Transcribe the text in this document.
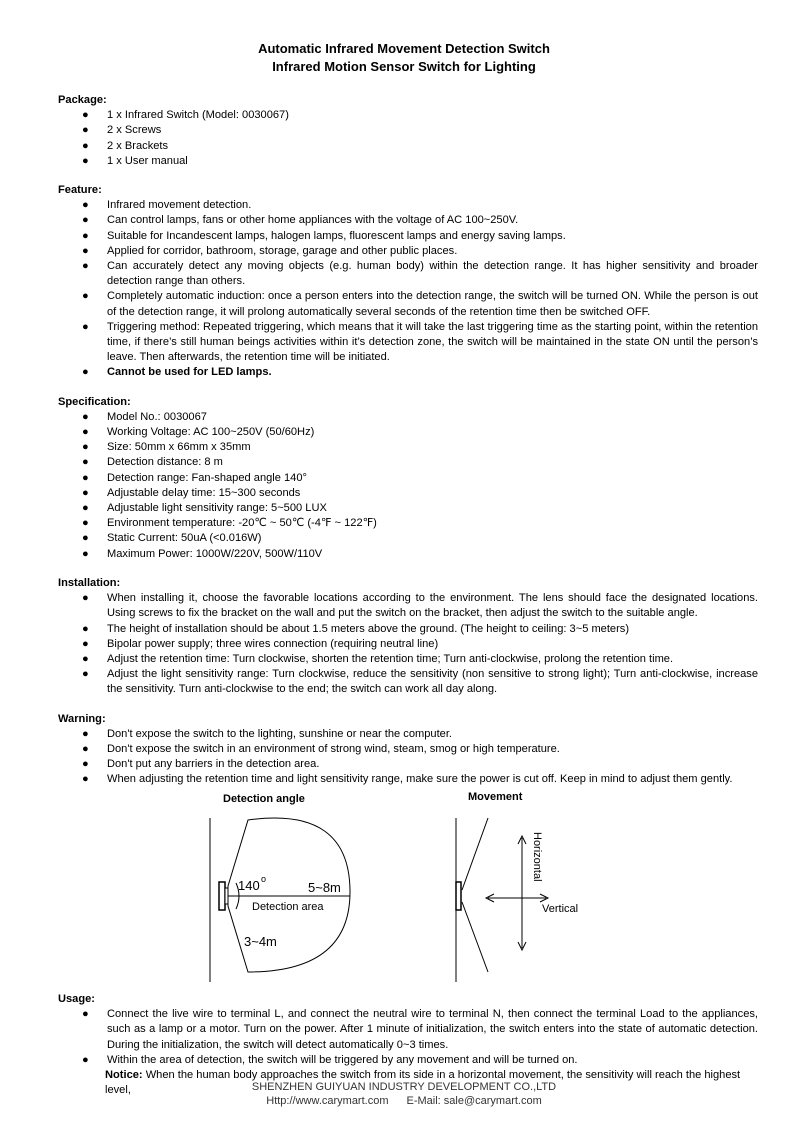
Automatic Infrared Movement Detection Switch
Infrared Motion Sensor Switch for Lighting

Package:

● 1 x Infrared Switch (Model: 0030067)
● 2 x Screws
● 2 x Brackets
● 1 x User manual

Feature:

● Infrared movement detection.
● Can control lamps, fans or other home appliances with the voltage of AC 100~250V.
● Suitable for Incandescent lamps, halogen lamps, fluorescent lamps and energy saving lamps.
● Applied for corridor, bathroom, storage, garage and other public places.
● Can accurately detect any moving objects (e.g. human body) within the detection range. It has higher sensitivity and broader detection range than others.
● Completely automatic induction: once a person enters into the detection range, the switch will be turned ON. While the person is out of the detection range, it will prolong automatically several seconds of the retention time then be switched OFF.
● Triggering method: Repeated triggering, which means that it will take the last triggering time as the starting point, within the retention time, if there’s still human beings activities within it’s detection zone, the switch will be maintained in the state ON until the person’s leave. Then afterwards, the retention time will be initiated.
● Cannot be used for LED lamps.

Specification:

● Model No.: 0030067
● Working Voltage: AC 100~250V (50/60Hz)
● Size: 50mm x 66mm x 35mm
● Detection distance: 8 m
● Detection range: Fan-shaped angle 140°
● Adjustable delay time: 15~300 seconds
● Adjustable light sensitivity range: 5~500 LUX
● Environment temperature: -20℃ ~ 50℃ (-4℉ ~ 122℉)
● Static Current: 50uA (<0.016W)
● Maximum Power: 1000W/220V, 500W/110V

Installation:

● When installing it, choose the favorable locations according to the environment. The lens should face the designated locations. Using screws to fix the bracket on the wall and put the switch on the bracket, then adjust the switch to the suitable angle.
● The height of installation should be about 1.5 meters above the ground. (The height to ceiling: 3~5 meters)
● Bipolar power supply; three wires connection (requiring neutral line)
● Adjust the retention time: Turn clockwise, shorten the retention time; Turn anti-clockwise, prolong the retention time.
● Adjust the light sensitivity range: Turn clockwise, reduce the sensitivity (non sensitive to strong light); Turn anti-clockwise, increase the sensitivity. Turn anti-clockwise to the end; the switch can work all day along.

Warning:

● Don't expose the switch to the lighting, sunshine or near the computer.
● Don't expose the switch in an environment of strong wind, steam, smog or high temperature.
● Don't put any barriers in the detection area.
● When adjusting the retention time and light sensitivity range, make sure the power is cut off. Keep in mind to adjust them gently.
Detection angle
140 o
5~8m
Detection area
3~4m
Movement
Horizontal
Vertical

Usage:

● Connect the live wire to terminal L, and connect the neutral wire to terminal N, then connect the terminal Load to the appliances, such as a lamp or a motor. Turn on the power. After 1 minute of initialization, the switch enters into the state of automatic detection. During the initialization, the switch will detect automatically 0~3 times.
● Within the area of detection, the switch will be triggered by any movement and will be turned on.
Notice: When the human body approaches the switch from its side in a horizontal movement, the sensitivity will reach the highest level,	SHENZHEN GUIYUAN INDUSTRY DEVELOPMENT CO.,LTD
Http://www.carymart.com E-Mail: sale@carymart.com
